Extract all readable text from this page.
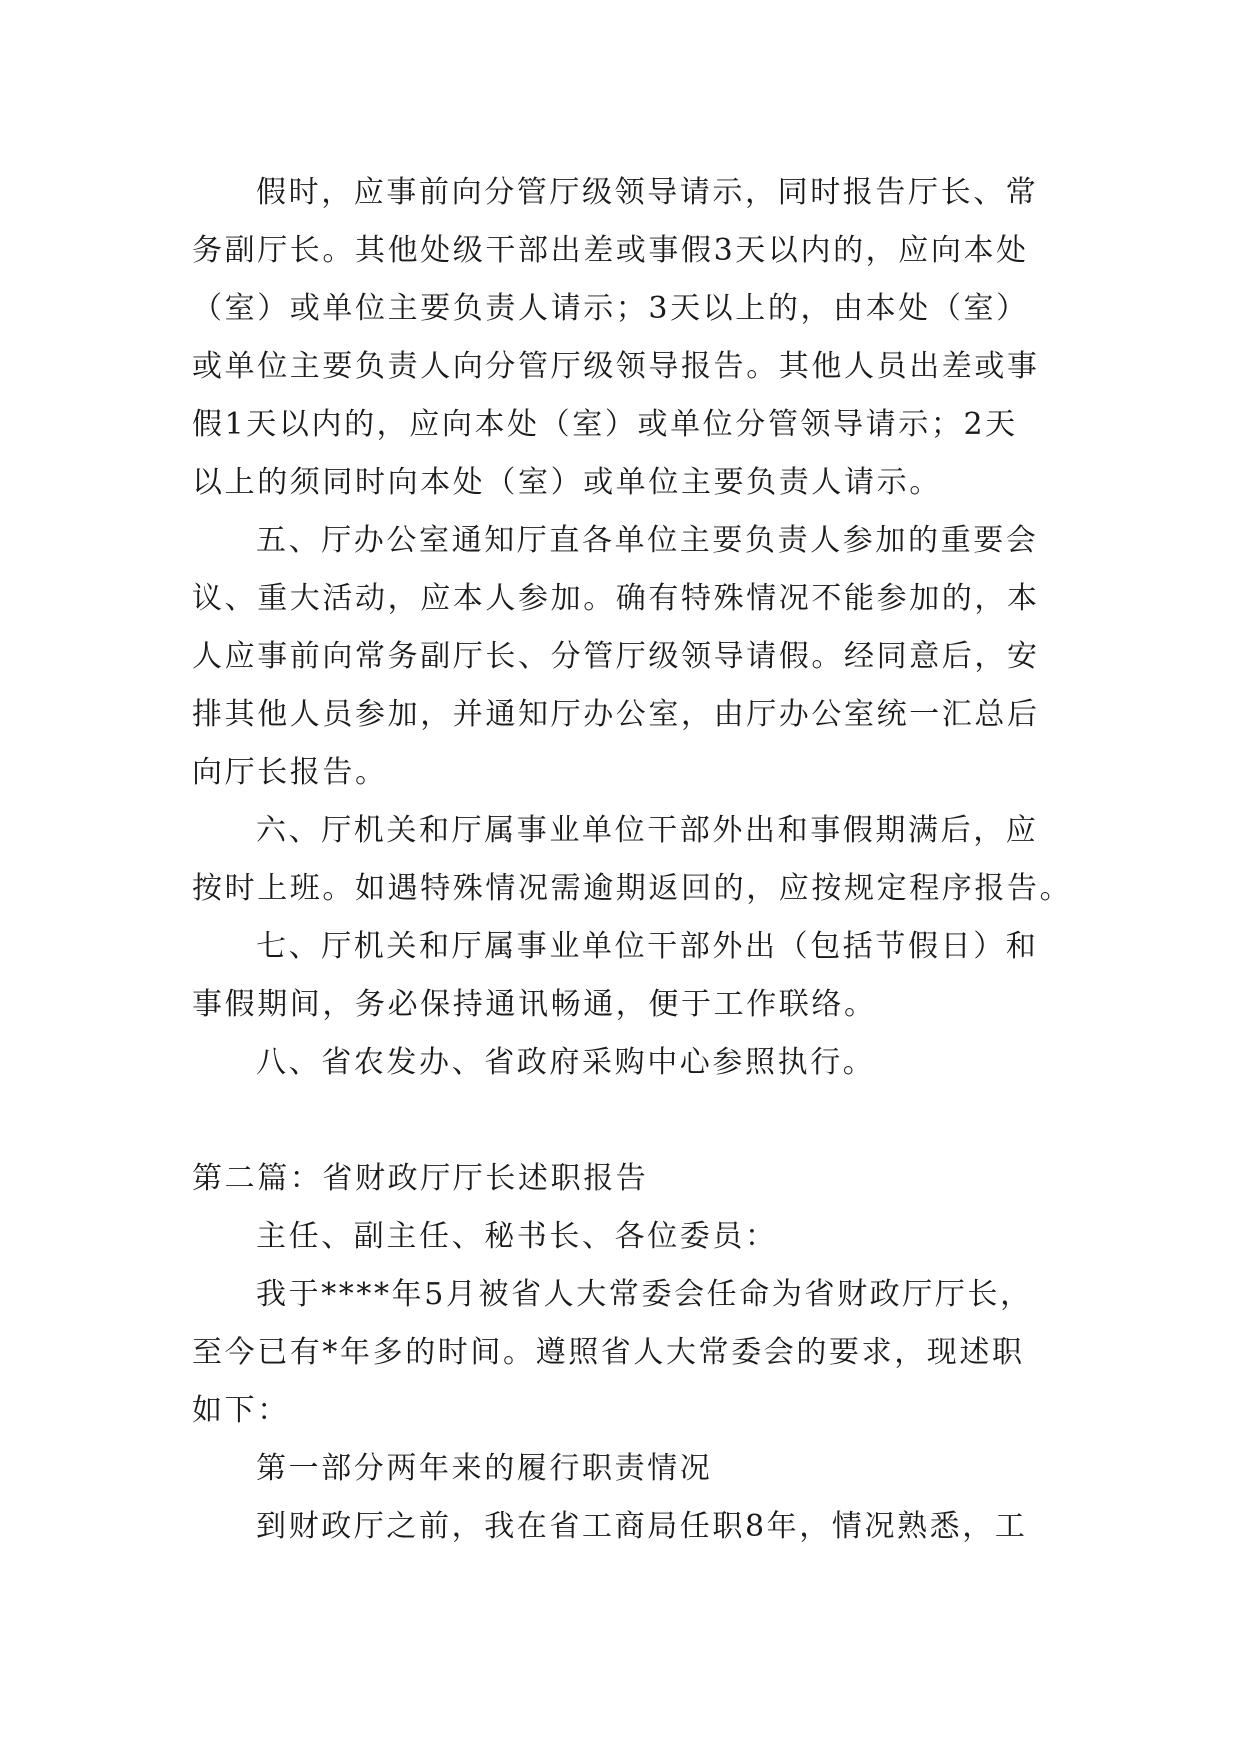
假时，应事前向分管厅级领导请示，同时报告厅长、常
务副厅长。其他处级干部出差或事假3天以内的，应向本处
（室）或单位主要负责人请示；3天以上的，由本处（室）
或单位主要负责人向分管厅级领导报告。其他人员出差或事
假1天以内的，应向本处（室）或单位分管领导请示；2天
以上的须同时向本处（室）或单位主要负责人请示。
五、厅办公室通知厅直各单位主要负责人参加的重要会
议、重大活动，应本人参加。确有特殊情况不能参加的，本
人应事前向常务副厅长、分管厅级领导请假。经同意后，安
排其他人员参加，并通知厅办公室，由厅办公室统一汇总后
向厅长报告。
六、厅机关和厅属事业单位干部外出和事假期满后，应
按时上班。如遇特殊情况需逾期返回的，应按规定程序报告。
七、厅机关和厅属事业单位干部外出（包括节假日）和
事假期间，务必保持通讯畅通，便于工作联络。
八、省农发办、省政府采购中心参照执行。
第二篇：省财政厅厅长述职报告
主任、副主任、秘书长、各位委员：
我于****年5月被省人大常委会任命为省财政厅厅长，
至今已有*年多的时间。遵照省人大常委会的要求，现述职
如下：
第一部分两年来的履行职责情况
到财政厅之前，我在省工商局任职8年，情况熟悉，工
